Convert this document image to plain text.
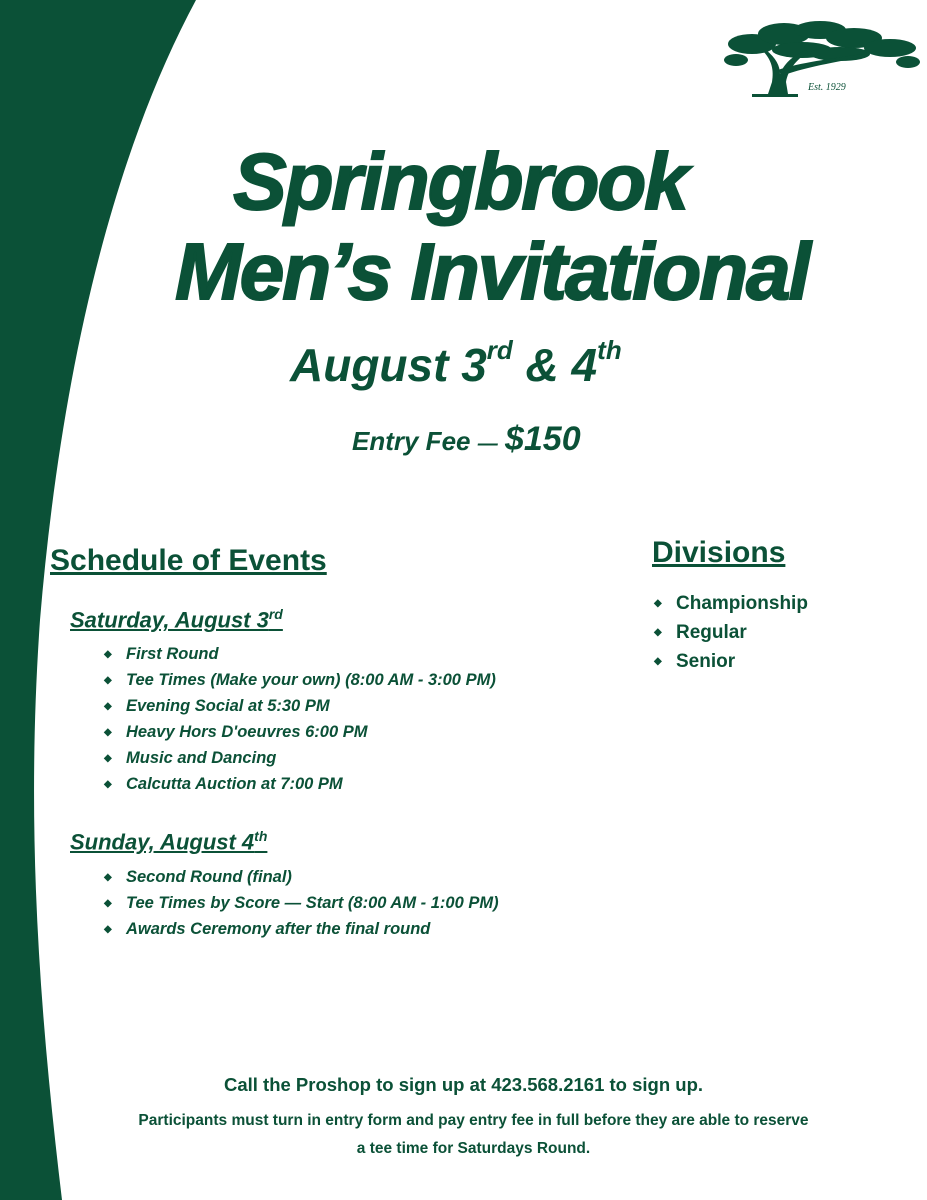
Est. 1929
Springbrook
Men’s Invitational
August 3rd & 4th
Entry Fee — $150
Schedule of Events
Saturday, August 3rd
◆ First Round
◆ Tee Times (Make your own) (8:00 AM - 3:00 PM)
◆ Evening Social at 5:30 PM
◆ Heavy Hors D'oeuvres 6:00 PM
◆ Music and Dancing
◆ Calcutta Auction at 7:00 PM
Sunday, August 4th
◆ Second Round (final)
◆ Tee Times by Score — Start (8:00 AM - 1:00 PM)
◆ Awards Ceremony after the final round
Divisions
◆ Championship
◆ Regular
◆ Senior
Call the Proshop to sign up at 423.568.2161 to sign up.
Participants must turn in entry form and pay entry fee in full before they are able to reserve
a tee time for Saturdays Round.
